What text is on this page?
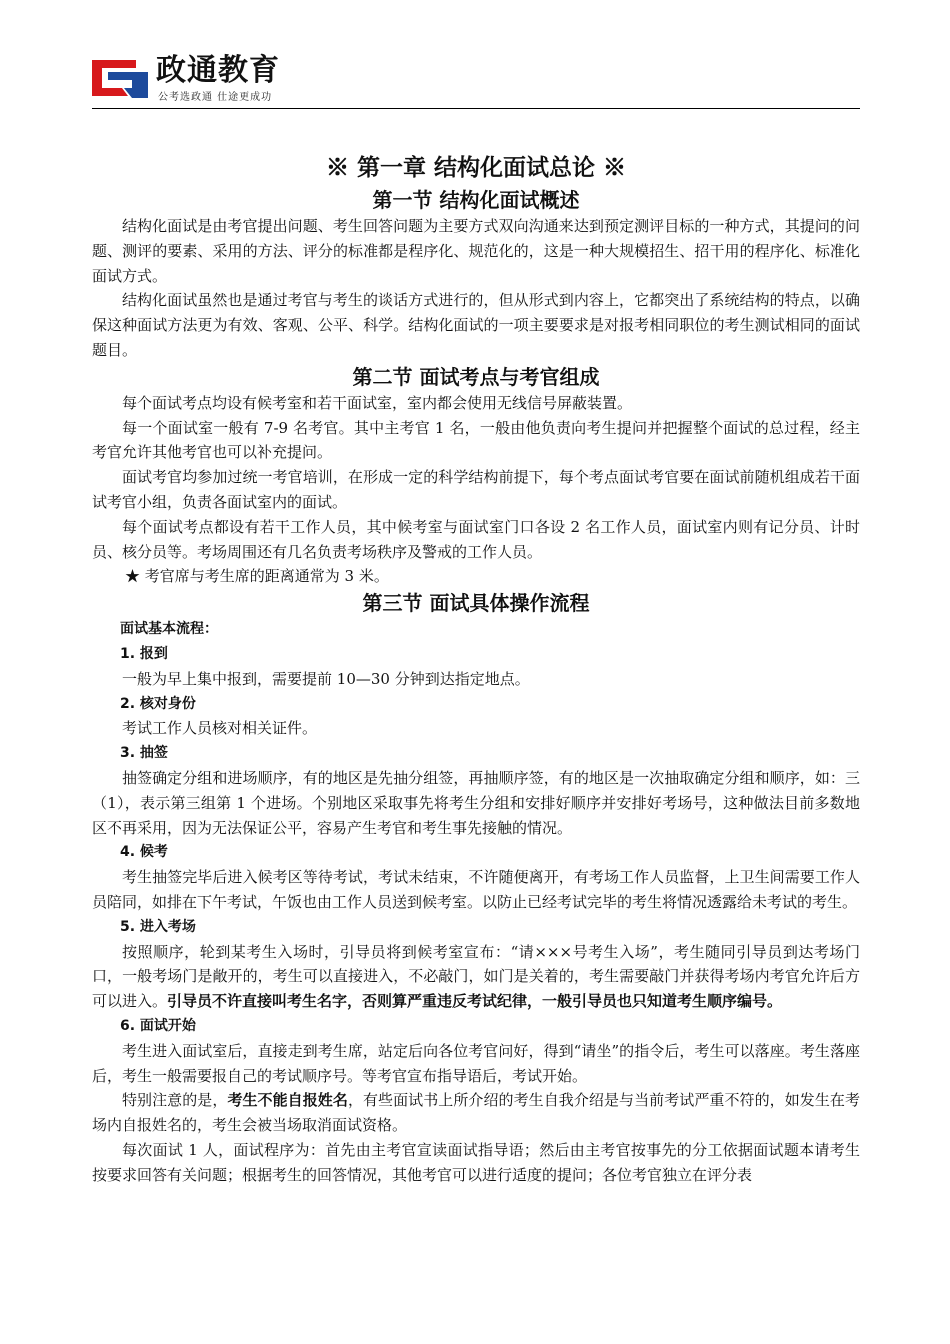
政通教育
公考选政通 仕途更成功
※ 第一章 结构化面试总论 ※
第一节 结构化面试概述

结构化面试是由考官提出问题、考生回答问题为主要方式双向沟通来达到预定测评目标的一种方式，其提问的问题、测评的要素、采用的方法、评分的标准都是程序化、规范化的，这是一种大规模招生、招干用的程序化、标准化面试方式。

结构化面试虽然也是通过考官与考生的谈话方式进行的，但从形式到内容上，它都突出了系统结构的特点，以确保这种面试方法更为有效、客观、公平、科学。结构化面试的一项主要要求是对报考相同职位的考生测试相同的面试题目。

第二节 面试考点与考官组成

每个面试考点均设有候考室和若干面试室，室内都会使用无线信号屏蔽装置。

每一个面试室一般有 7-9 名考官。其中主考官 1 名，一般由他负责向考生提问并把握整个面试的总过程，经主考官允许其他考官也可以补充提问。

面试考官均参加过统一考官培训，在形成一定的科学结构前提下，每个考点面试考官要在面试前随机组成若干面试考官小组，负责各面试室内的面试。

每个面试考点都设有若干工作人员，其中候考室与面试室门口各设 2 名工作人员，面试室内则有记分员、计时员、核分员等。考场周围还有几名负责考场秩序及警戒的工作人员。

★ 考官席与考生席的距离通常为 3 米。

第三节 面试具体操作流程

面试基本流程：

1. 报到

一般为早上集中报到，需要提前 10—30 分钟到达指定地点。

2. 核对身份

考试工作人员核对相关证件。

3. 抽签

抽签确定分组和进场顺序，有的地区是先抽分组签，再抽顺序签，有的地区是一次抽取确定分组和顺序，如：三（1），表示第三组第 1 个进场。个别地区采取事先将考生分组和安排好顺序并安排好考场号，这种做法目前多数地区不再采用，因为无法保证公平，容易产生考官和考生事先接触的情况。

4. 候考

考生抽签完毕后进入候考区等待考试，考试未结束，不许随便离开，有考场工作人员监督，上卫生间需要工作人员陪同，如排在下午考试，午饭也由工作人员送到候考室。以防止已经考试完毕的考生将情况透露给未考试的考生。

5. 进入考场

按照顺序，轮到某考生入场时，引导员将到候考室宣布：“请×××号考生入场”，考生随同引导员到达考场门口，一般考场门是敞开的，考生可以直接进入，不必敲门，如门是关着的，考生需要敲门并获得考场内考官允许后方可以进入。引导员不许直接叫考生名字，否则算严重违反考试纪律，一般引导员也只知道考生顺序编号。

6. 面试开始

考生进入面试室后，直接走到考生席，站定后向各位考官问好，得到“请坐”的指令后，考生可以落座。考生落座后，考生一般需要报自己的考试顺序号。等考官宣布指导语后，考试开始。

特别注意的是，考生不能自报姓名，有些面试书上所介绍的考生自我介绍是与当前考试严重不符的，如发生在考场内自报姓名的，考生会被当场取消面试资格。

每次面试 1 人，面试程序为：首先由主考官宣读面试指导语；然后由主考官按事先的分工依据面试题本请考生按要求回答有关问题；根据考生的回答情况，其他考官可以进行适度的提问；各位考官独立在评分表
